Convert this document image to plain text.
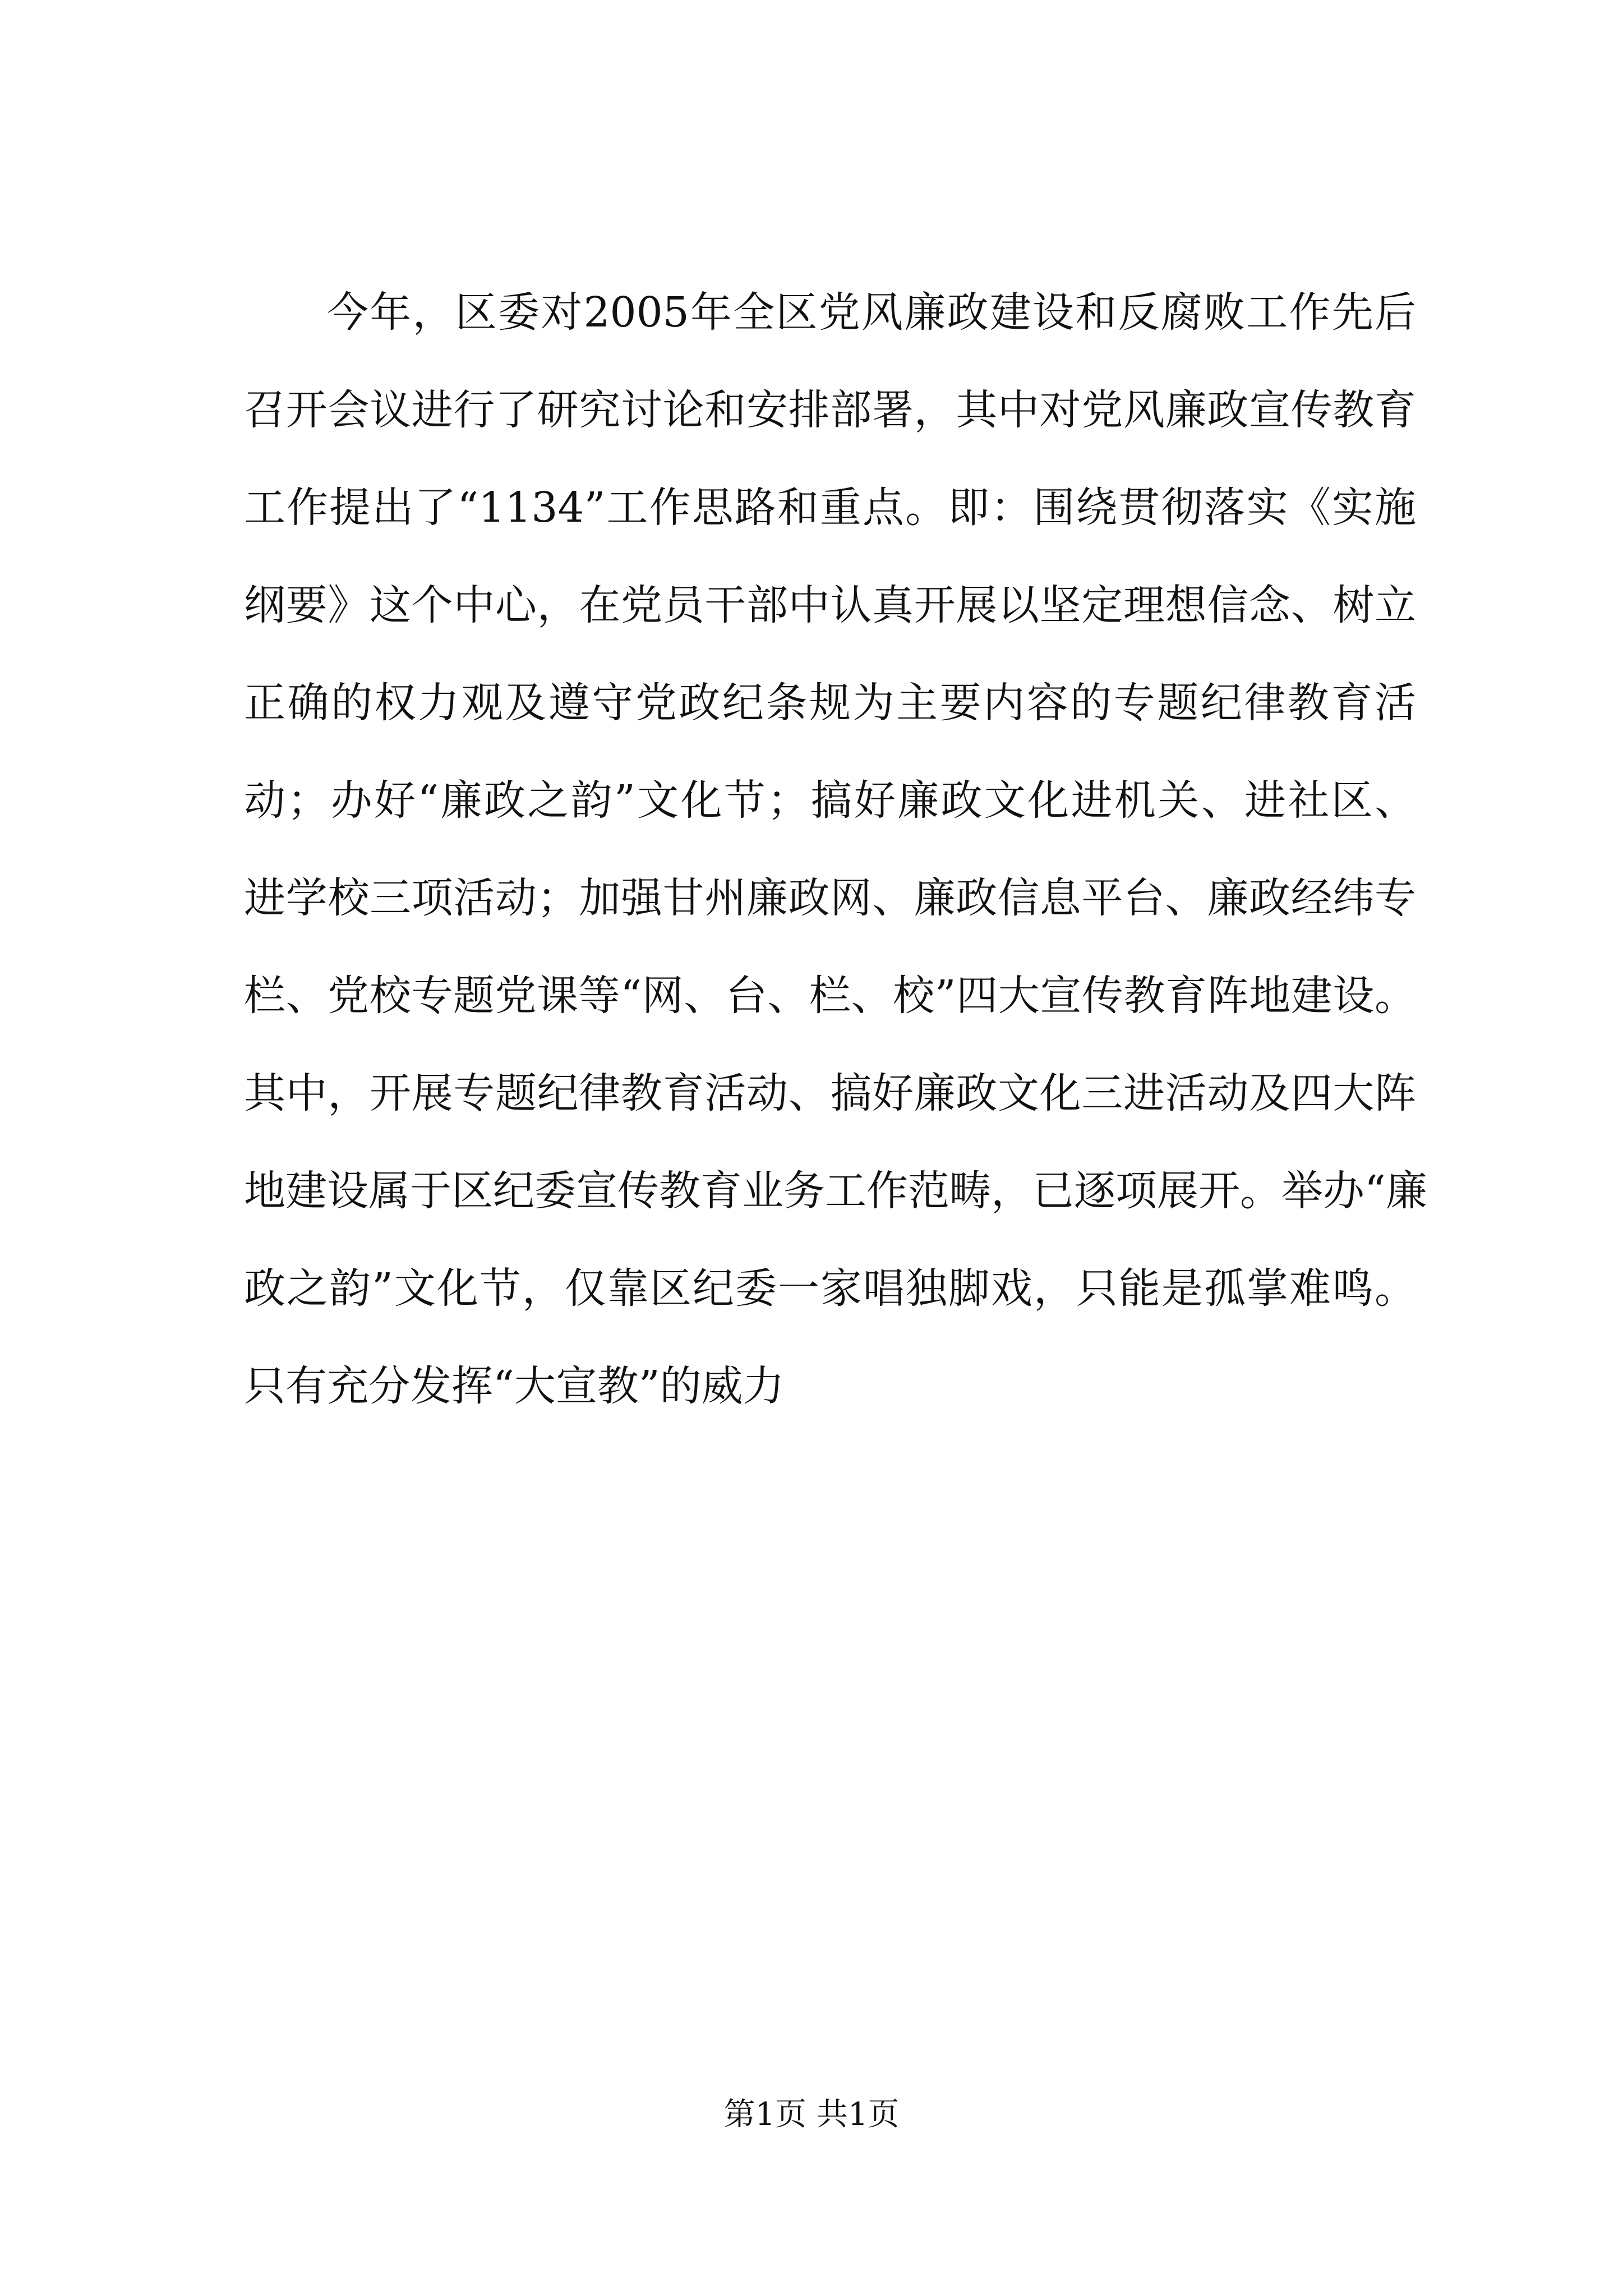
今年，区委对2005年全区党风廉政建设和反腐败工作先后
召开会议进行了研究讨论和安排部署，其中对党风廉政宣传教育
工作提出了“1134”工作思路和重点。即：围绕贯彻落实《实施
纲要》这个中心，在党员干部中认真开展以坚定理想信念、树立
正确的权力观及遵守党政纪条规为主要内容的专题纪律教育活
动；办好“廉政之韵”文化节；搞好廉政文化进机关、进社区、
进学校三项活动；加强甘州廉政网、廉政信息平台、廉政经纬专
栏、党校专题党课等“网、台、栏、校”四大宣传教育阵地建设。
其中，开展专题纪律教育活动、搞好廉政文化三进活动及四大阵
地建设属于区纪委宣传教育业务工作范畴，已逐项展开。举办“廉
政之韵”文化节，仅靠区纪委一家唱独脚戏，只能是孤掌难鸣。
只有充分发挥“大宣教”的威力
第1页 共1页
